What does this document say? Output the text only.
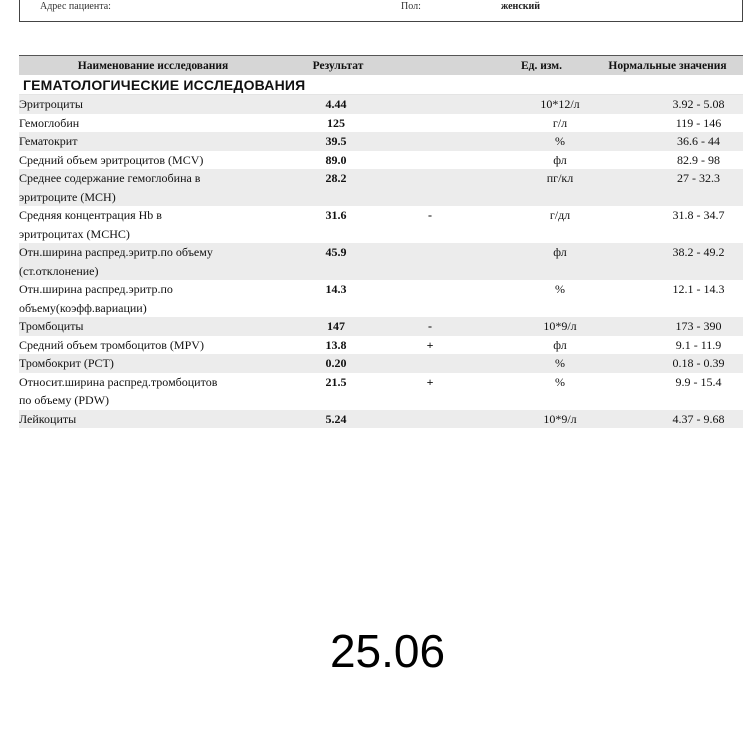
Адрес пациента:	Пол:	женский
Наименование исследования	Результат	Ед. изм.	Нормальные значения
ГЕМАТОЛОГИЧЕСКИЕ ИССЛЕДОВАНИЯ
Эритроциты	4.44	10*12/л	3.92 - 5.08
Гемоглобин	125	г/л	119 - 146
Гематокрит	39.5	%	36.6 - 44
Средний объем эритроцитов (MCV)	89.0	фл	82.9 - 98
Среднее содержание гемоглобина в
эритроците (MCH)
28.2	пг/кл	27 - 32.3
Средняя концентрация Hb в
эритроцитах (MCHC)
31.6	-	г/дл	31.8 - 34.7
Отн.ширина распред.эритр.по объему
(ст.отклонение)
45.9	фл	38.2 - 49.2
Отн.ширина распред.эритр.по
объему(коэфф.вариации)
14.3	%	12.1 - 14.3
Тромбоциты	147	-	10*9/л	173 - 390
Средний объем тромбоцитов (MPV)	13.8	+	фл	9.1 - 11.9
Тромбокрит (PCT)	0.20	%	0.18 - 0.39
Относит.ширина распред.тромбоцитов
по объему (PDW)
21.5	+	%	9.9 - 15.4
Лейкоциты	5.24	10*9/л	4.37 - 9.68
25.06
